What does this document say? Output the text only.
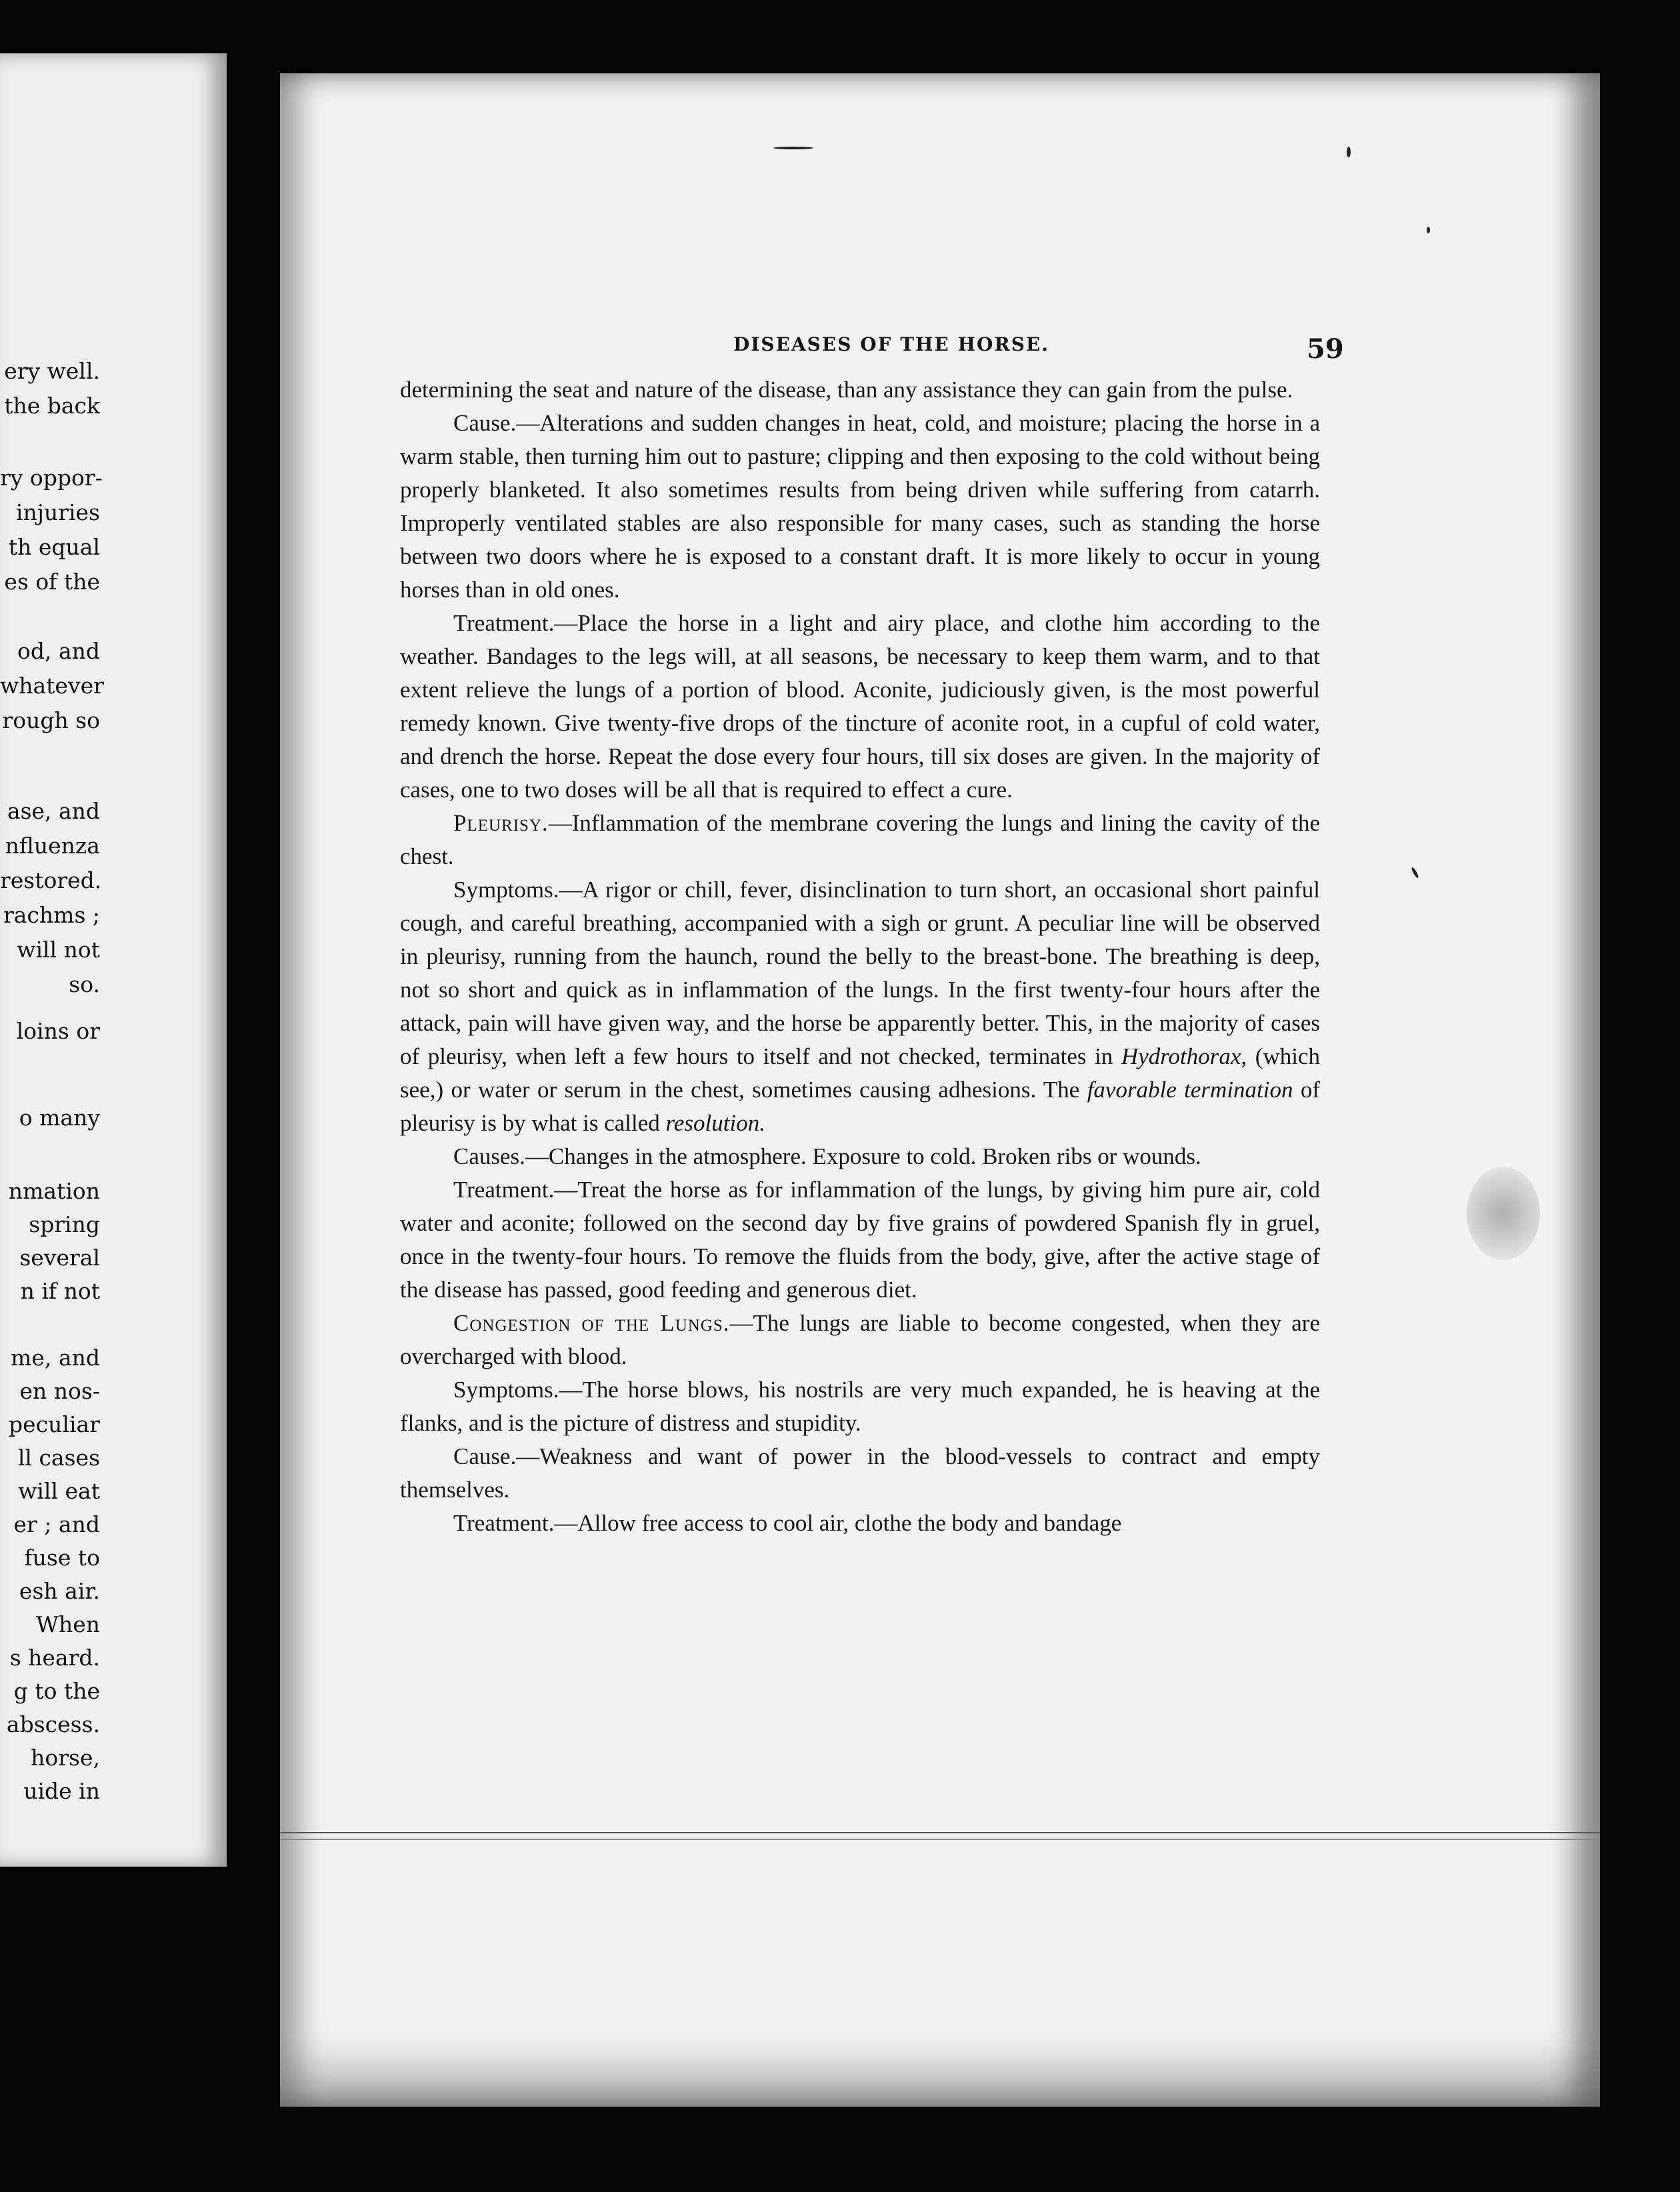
ery well.
the back
ry oppor-
injuries
th equal
es of the
od, and
whatever
rough so
ase, and
nfluenza
restored.
rachms ;
will not
so.
loins or
o many
nmation
spring
several
n if not
me, and
en nos-
peculiar
ll cases
will eat
er ; and
fuse to
esh air.
When
s heard.
g to the
abscess.
horse,
uide in
DISEASES OF THE HORSE.	59

determining the seat and nature of the disease, than any assistance they can gain from the pulse.

Cause.—Alterations and sudden changes in heat, cold, and moisture; placing the horse in a warm stable, then turning him out to pasture; clipping and then exposing to the cold without being properly blanketed. It also sometimes results from being driven while suffering from catarrh. Improperly ventilated stables are also responsible for many cases, such as standing the horse between two doors where he is exposed to a constant draft. It is more likely to occur in young horses than in old ones.

Treatment.—Place the horse in a light and airy place, and clothe him according to the weather. Bandages to the legs will, at all seasons, be necessary to keep them warm, and to that extent relieve the lungs of a portion of blood. Aconite, judiciously given, is the most powerful remedy known. Give twenty-five drops of the tincture of aconite root, in a cupful of cold water, and drench the horse. Repeat the dose every four hours, till six doses are given. In the majority of cases, one to two doses will be all that is required to effect a cure.

Pleurisy.—Inflammation of the membrane covering the lungs and lining the cavity of the chest.

Symptoms.—A rigor or chill, fever, disinclination to turn short, an occasional short painful cough, and careful breathing, accompanied with a sigh or grunt. A peculiar line will be observed in pleurisy, running from the haunch, round the belly to the breast-bone. The breathing is deep, not so short and quick as in inflammation of the lungs. In the first twenty-four hours after the attack, pain will have given way, and the horse be apparently better. This, in the majority of cases of pleurisy, when left a few hours to itself and not checked, terminates in Hydrothorax, (which see,) or water or serum in the chest, sometimes causing adhesions. The favorable termination of pleurisy is by what is called resolution.

Causes.—Changes in the atmosphere. Exposure to cold. Broken ribs or wounds.

Treatment.—Treat the horse as for inflammation of the lungs, by giving him pure air, cold water and aconite; followed on the second day by five grains of powdered Spanish fly in gruel, once in the twenty-four hours. To remove the fluids from the body, give, after the active stage of the disease has passed, good feeding and generous diet.

Congestion of the Lungs.—The lungs are liable to become congested, when they are overcharged with blood.

Symptoms.—The horse blows, his nostrils are very much expanded, he is heaving at the flanks, and is the picture of distress and stupidity.

Cause.—Weakness and want of power in the blood-vessels to contract and empty themselves.

Treatment.—Allow free access to cool air, clothe the body and bandage
